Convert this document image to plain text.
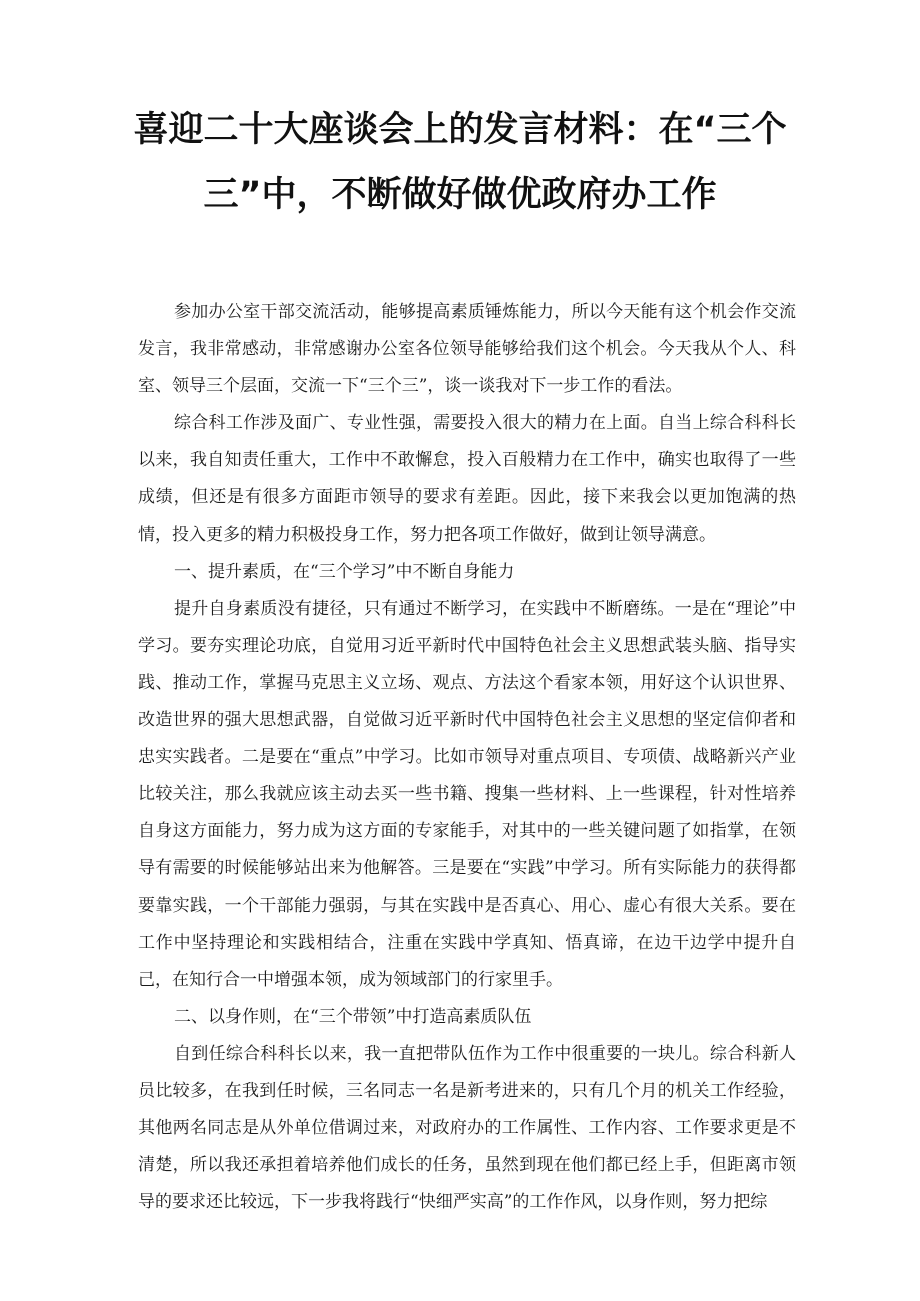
喜迎二十大座谈会上的发言材料：在“三个
三”中，不断做好做优政府办工作

参加办公室干部交流活动，能够提高素质锤炼能力，所以今天能有这个机会作交流发言，我非常感动，非常感谢办公室各位领导能够给我们这个机会。今天我从个人、科室、领导三个层面，交流一下“三个三”，谈一谈我对下一步工作的看法。

综合科工作涉及面广、专业性强，需要投入很大的精力在上面。自当上综合科科长以来，我自知责任重大，工作中不敢懈怠，投入百般精力在工作中，确实也取得了一些成绩，但还是有很多方面距市领导的要求有差距。因此，接下来我会以更加饱满的热情，投入更多的精力积极投身工作，努力把各项工作做好，做到让领导满意。

一、提升素质，在“三个学习”中不断自身能力

提升自身素质没有捷径，只有通过不断学习，在实践中不断磨练。一是在“理论”中学习。要夯实理论功底，自觉用习近平新时代中国特色社会主义思想武装头脑、指导实践、推动工作，掌握马克思主义立场、观点、方法这个看家本领，用好这个认识世界、改造世界的强大思想武器，自觉做习近平新时代中国特色社会主义思想的坚定信仰者和忠实实践者。二是要在“重点”中学习。比如市领导对重点项目、专项债、战略新兴产业比较关注，那么我就应该主动去买一些书籍、搜集一些材料、上一些课程，针对性培养自身这方面能力，努力成为这方面的专家能手，对其中的一些关键问题了如指掌，在领导有需要的时候能够站出来为他解答。三是要在“实践”中学习。所有实际能力的获得都要靠实践，一个干部能力强弱，与其在实践中是否真心、用心、虚心有很大关系。要在工作中坚持理论和实践相结合，注重在实践中学真知、悟真谛，在边干边学中提升自己，在知行合一中增强本领，成为领域部门的行家里手。

二、以身作则，在“三个带领”中打造高素质队伍

自到任综合科科长以来，我一直把带队伍作为工作中很重要的一块儿。综合科新人员比较多，在我到任时候，三名同志一名是新考进来的，只有几个月的机关工作经验，其他两名同志是从外单位借调过来，对政府办的工作属性、工作内容、工作要求更是不清楚，所以我还承担着培养他们成长的任务，虽然到现在他们都已经上手，但距离市领导的要求还比较远，下一步我将践行“快细严实高”的工作作风，以身作则，努力把综
